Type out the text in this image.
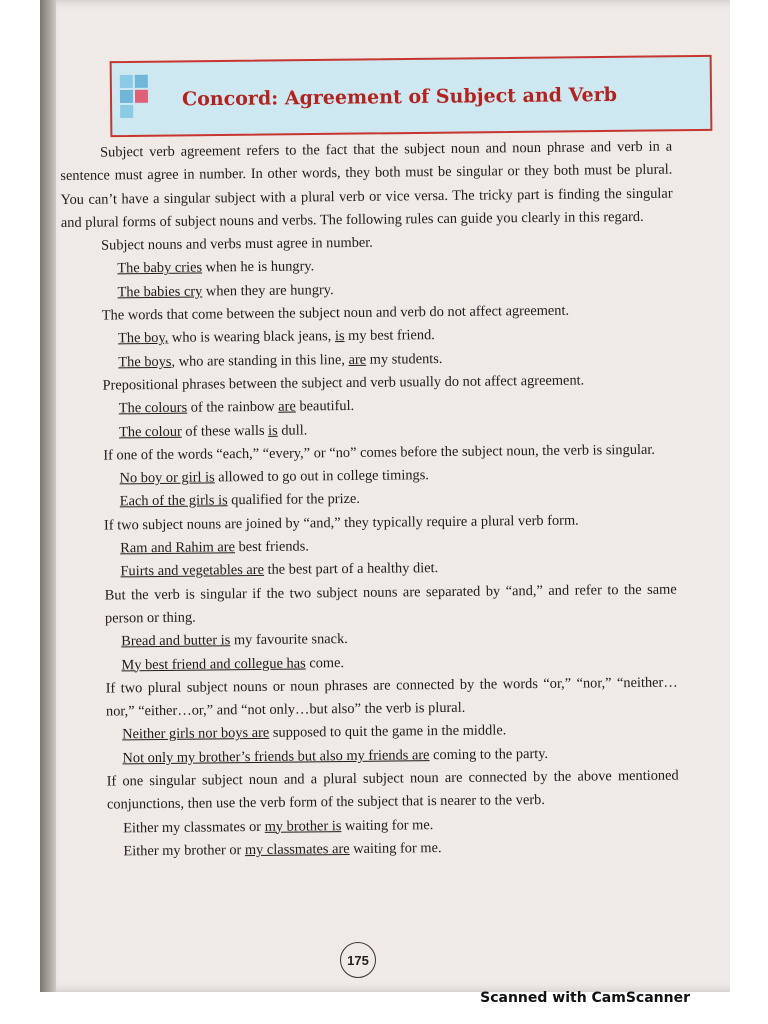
Concord: Agreement of Subject and Verb

Subject verb agreement refers to the fact that the subject noun and noun phrase and verb in a sentence must agree in number. In other words, they both must be singular or they both must be plural. You can’t have a singular subject with a plural verb or vice versa. The tricky part is finding the singular and plural forms of subject nouns and verbs. The following rules can guide you clearly in this regard.

Subject nouns and verbs must agree in number.

The baby cries when he is hungry.

The babies cry when they are hungry.

The words that come between the subject noun and verb do not affect agreement.

The boy, who is wearing black jeans, is my best friend.

The boys, who are standing in this line, are my students.

Prepositional phrases between the subject and verb usually do not affect agreement.

The colours of the rainbow are beautiful.

The colour of these walls is dull.

If one of the words “each,” “every,” or “no” comes before the subject noun, the verb is singular.

No boy or girl is allowed to go out in college timings.

Each of the girls is qualified for the prize.

If two subject nouns are joined by “and,” they typically require a plural verb form.

Ram and Rahim are best friends.

Fuirts and vegetables are the best part of a healthy diet.

But the verb is singular if the two subject nouns are separated by “and,” and refer to the same person or thing.

Bread and butter is my favourite snack.

My best friend and collegue has come.

If two plural subject nouns or noun phrases are connected by the words “or,” “nor,” “neither…nor,” “either…or,” and “not only…but also” the verb is plural.

Neither girls nor boys are supposed to quit the game in the middle.

Not only my brother’s friends but also my friends are coming to the party.

If one singular subject noun and a plural subject noun are connected by the above mentioned conjunctions, then use the verb form of the subject that is nearer to the verb.

Either my classmates or my brother is waiting for me.

Either my brother or my classmates are waiting for me.

175
Scanned with CamScanner
